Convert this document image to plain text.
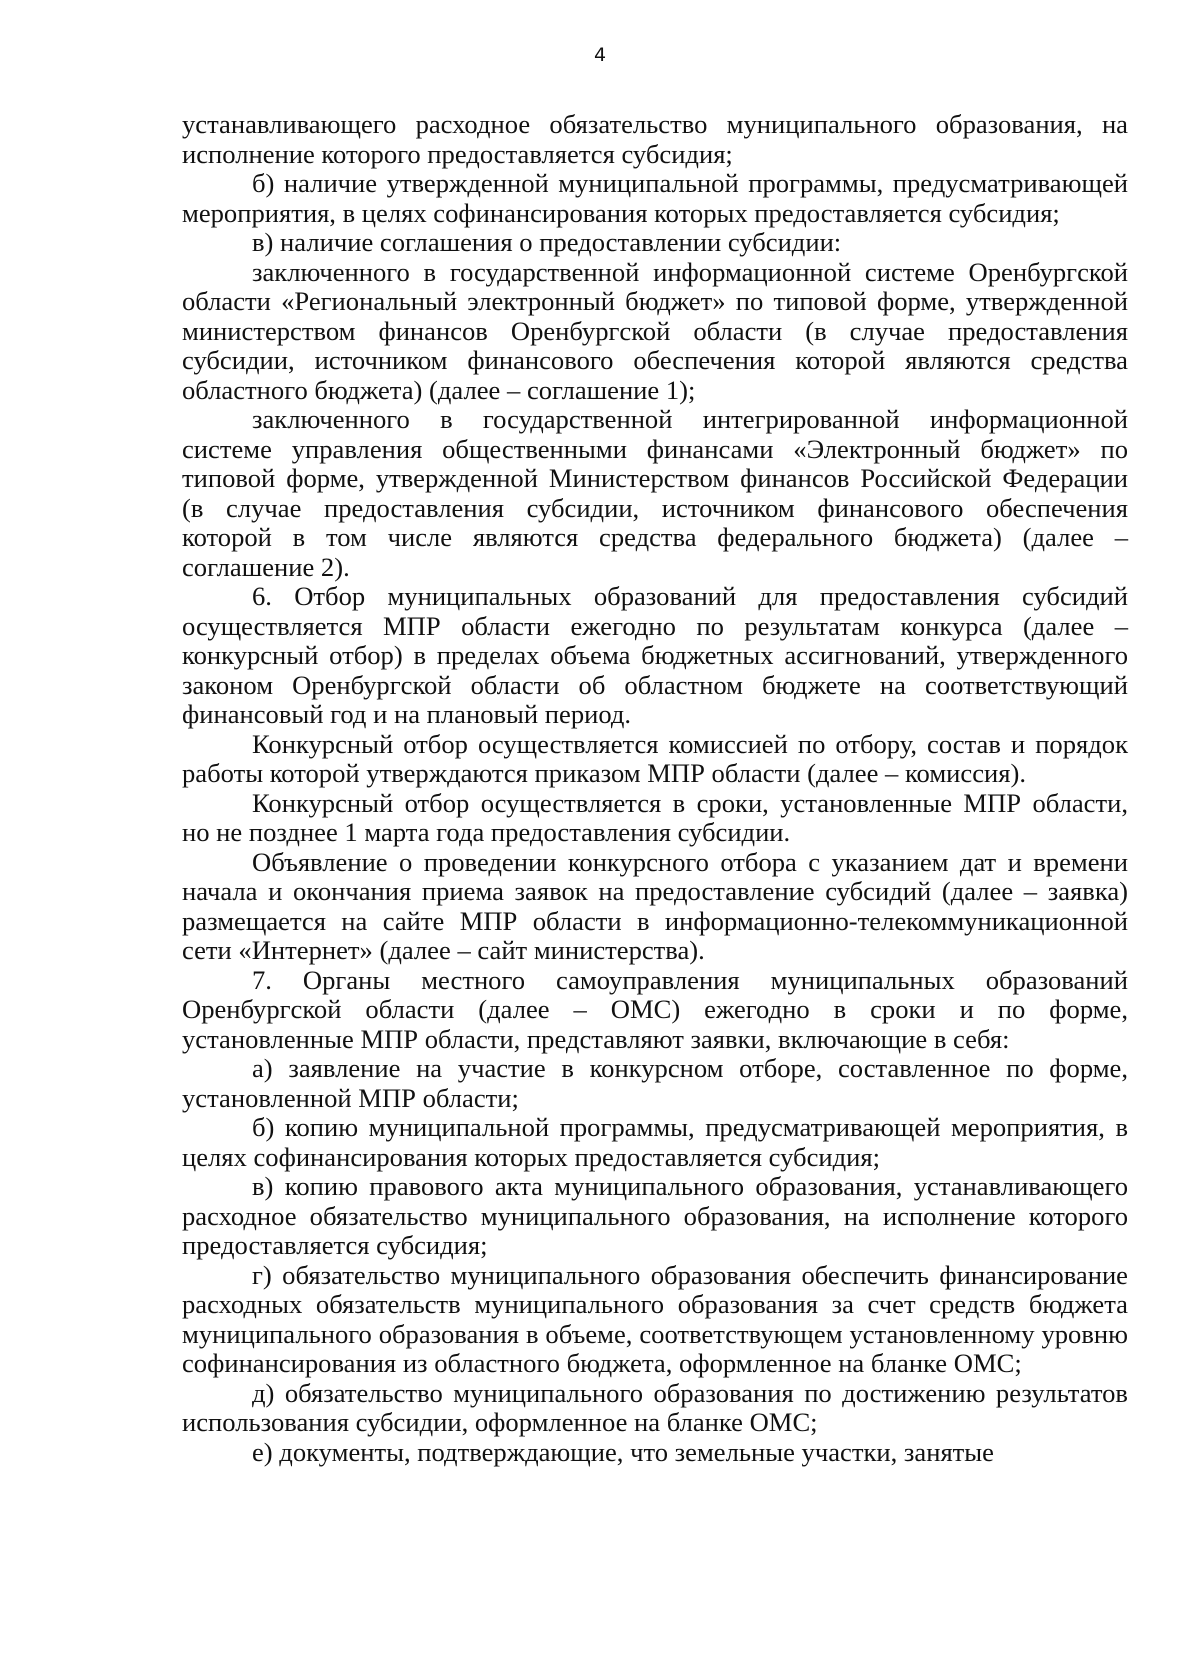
4

устанавливающего расходное обязательство муниципального образования, на исполнение которого предоставляется субсидия;

б) наличие утвержденной муниципальной программы, предусматривающей мероприятия, в целях софинансирования которых предоставляется субсидия;

в) наличие соглашения о предоставлении субсидии:

заключенного в государственной информационной системе Оренбургской области «Региональный электронный бюджет» по типовой форме, утвержденной министерством финансов Оренбургской области (в случае предоставления субсидии, источником финансового обеспечения которой являются средства областного бюджета) (далее – соглашение 1);

заключенного в государственной интегрированной информационной системе управления общественными финансами «Электронный бюджет» по типовой форме, утвержденной Министерством финансов Российской Федерации (в случае предоставления субсидии, источником финансового обеспечения которой в том числе являются средства федерального бюджета) (далее – соглашение 2).

6. Отбор муниципальных образований для предоставления субсидий осуществляется МПР области ежегодно по результатам конкурса (далее – конкурсный отбор) в пределах объема бюджетных ассигнований, утвержденного законом Оренбургской области об областном бюджете на соответствующий финансовый год и на плановый период.

Конкурсный отбор осуществляется комиссией по отбору, состав и порядок работы которой утверждаются приказом МПР области (далее – комиссия).

Конкурсный отбор осуществляется в сроки, установленные МПР области, но не позднее 1 марта года предоставления субсидии.

Объявление о проведении конкурсного отбора с указанием дат и времени начала и окончания приема заявок на предоставление субсидий (далее – заявка) размещается на сайте МПР области в информационно-телекоммуникационной сети «Интернет» (далее – сайт министерства).

7. Органы местного самоуправления муниципальных образований Оренбургской области (далее – ОМС) ежегодно в сроки и по форме, установленные МПР области, представляют заявки, включающие в себя:

а) заявление на участие в конкурсном отборе, составленное по форме, установленной МПР области;

б) копию муниципальной программы, предусматривающей мероприятия, в целях софинансирования которых предоставляется субсидия;

в) копию правового акта муниципального образования, устанавливающего расходное обязательство муниципального образования, на исполнение которого предоставляется субсидия;

г) обязательство муниципального образования обеспечить финансирование расходных обязательств муниципального образования за счет средств бюджета муниципального образования в объеме, соответствующем установленному уровню софинансирования из областного бюджета, оформленное на бланке ОМС;

д) обязательство муниципального образования по достижению результатов использования субсидии, оформленное на бланке ОМС;

е) документы, подтверждающие, что земельные участки, занятые
